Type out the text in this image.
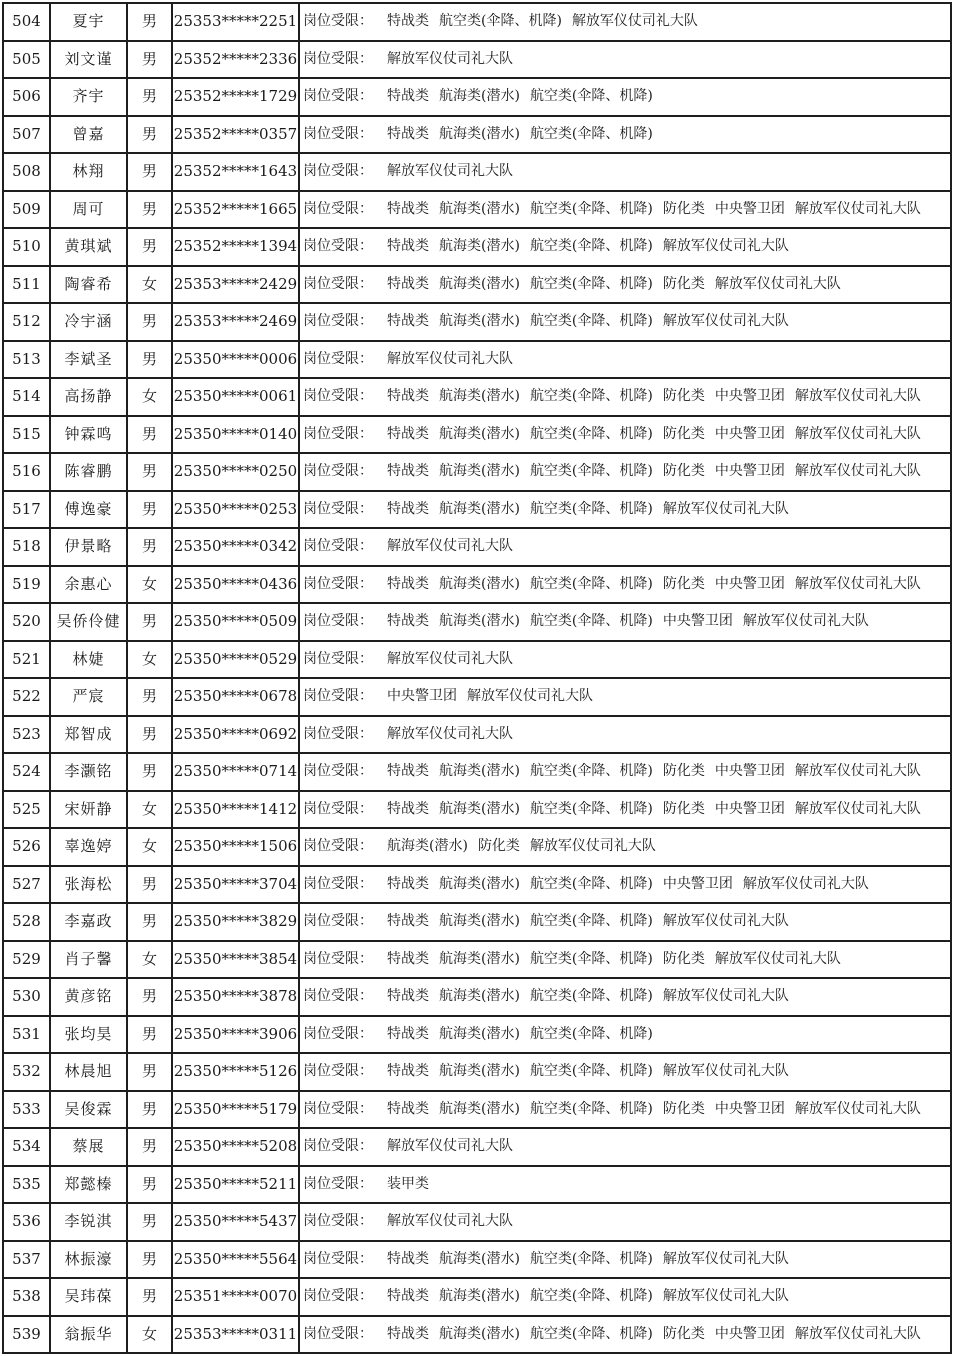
504	夏宇	男	25353*****2251	岗位受限： 特战类 航空类(伞降、机降) 解放军仪仗司礼大队
505	刘文谨	男	25352*****2336	岗位受限： 解放军仪仗司礼大队
506	齐宇	男	25352*****1729	岗位受限： 特战类 航海类(潜水) 航空类(伞降、机降)
507	曾嘉	男	25352*****0357	岗位受限： 特战类 航海类(潜水) 航空类(伞降、机降)
508	林翔	男	25352*****1643	岗位受限： 解放军仪仗司礼大队
509	周可	男	25352*****1665	岗位受限： 特战类 航海类(潜水) 航空类(伞降、机降) 防化类 中央警卫团 解放军仪仗司礼大队
510	黄琪斌	男	25352*****1394	岗位受限： 特战类 航海类(潜水) 航空类(伞降、机降) 解放军仪仗司礼大队
511	陶睿希	女	25353*****2429	岗位受限： 特战类 航海类(潜水) 航空类(伞降、机降) 防化类 解放军仪仗司礼大队
512	冷宇涵	男	25353*****2469	岗位受限： 特战类 航海类(潜水) 航空类(伞降、机降) 解放军仪仗司礼大队
513	李斌圣	男	25350*****0006	岗位受限： 解放军仪仗司礼大队
514	高扬静	女	25350*****0061	岗位受限： 特战类 航海类(潜水) 航空类(伞降、机降) 防化类 中央警卫团 解放军仪仗司礼大队
515	钟霖鸣	男	25350*****0140	岗位受限： 特战类 航海类(潜水) 航空类(伞降、机降) 防化类 中央警卫团 解放军仪仗司礼大队
516	陈睿鹏	男	25350*****0250	岗位受限： 特战类 航海类(潜水) 航空类(伞降、机降) 防化类 中央警卫团 解放军仪仗司礼大队
517	傅逸豪	男	25350*****0253	岗位受限： 特战类 航海类(潜水) 航空类(伞降、机降) 解放军仪仗司礼大队
518	伊景略	男	25350*****0342	岗位受限： 解放军仪仗司礼大队
519	余惠心	女	25350*****0436	岗位受限： 特战类 航海类(潜水) 航空类(伞降、机降) 防化类 中央警卫团 解放军仪仗司礼大队
520	吴侨伶健	男	25350*****0509	岗位受限： 特战类 航海类(潜水) 航空类(伞降、机降) 中央警卫团 解放军仪仗司礼大队
521	林婕	女	25350*****0529	岗位受限： 解放军仪仗司礼大队
522	严宸	男	25350*****0678	岗位受限： 中央警卫团 解放军仪仗司礼大队
523	郑智成	男	25350*****0692	岗位受限： 解放军仪仗司礼大队
524	李灏铭	男	25350*****0714	岗位受限： 特战类 航海类(潜水) 航空类(伞降、机降) 防化类 中央警卫团 解放军仪仗司礼大队
525	宋妍静	女	25350*****1412	岗位受限： 特战类 航海类(潜水) 航空类(伞降、机降) 防化类 中央警卫团 解放军仪仗司礼大队
526	辜逸婷	女	25350*****1506	岗位受限： 航海类(潜水) 防化类 解放军仪仗司礼大队
527	张海松	男	25350*****3704	岗位受限： 特战类 航海类(潜水) 航空类(伞降、机降) 中央警卫团 解放军仪仗司礼大队
528	李嘉政	男	25350*****3829	岗位受限： 特战类 航海类(潜水) 航空类(伞降、机降) 解放军仪仗司礼大队
529	肖子馨	女	25350*****3854	岗位受限： 特战类 航海类(潜水) 航空类(伞降、机降) 防化类 解放军仪仗司礼大队
530	黄彦铭	男	25350*****3878	岗位受限： 特战类 航海类(潜水) 航空类(伞降、机降) 解放军仪仗司礼大队
531	张均昊	男	25350*****3906	岗位受限： 特战类 航海类(潜水) 航空类(伞降、机降)
532	林晨旭	男	25350*****5126	岗位受限： 特战类 航海类(潜水) 航空类(伞降、机降) 解放军仪仗司礼大队
533	吴俊霖	男	25350*****5179	岗位受限： 特战类 航海类(潜水) 航空类(伞降、机降) 防化类 中央警卫团 解放军仪仗司礼大队
534	蔡展	男	25350*****5208	岗位受限： 解放军仪仗司礼大队
535	郑懿榛	男	25350*****5211	岗位受限： 装甲类
536	李锐淇	男	25350*****5437	岗位受限： 解放军仪仗司礼大队
537	林振濠	男	25350*****5564	岗位受限： 特战类 航海类(潜水) 航空类(伞降、机降) 解放军仪仗司礼大队
538	吴玮葆	男	25351*****0070	岗位受限： 特战类 航海类(潜水) 航空类(伞降、机降) 解放军仪仗司礼大队
539	翁振华	女	25353*****0311	岗位受限： 特战类 航海类(潜水) 航空类(伞降、机降) 防化类 中央警卫团 解放军仪仗司礼大队
